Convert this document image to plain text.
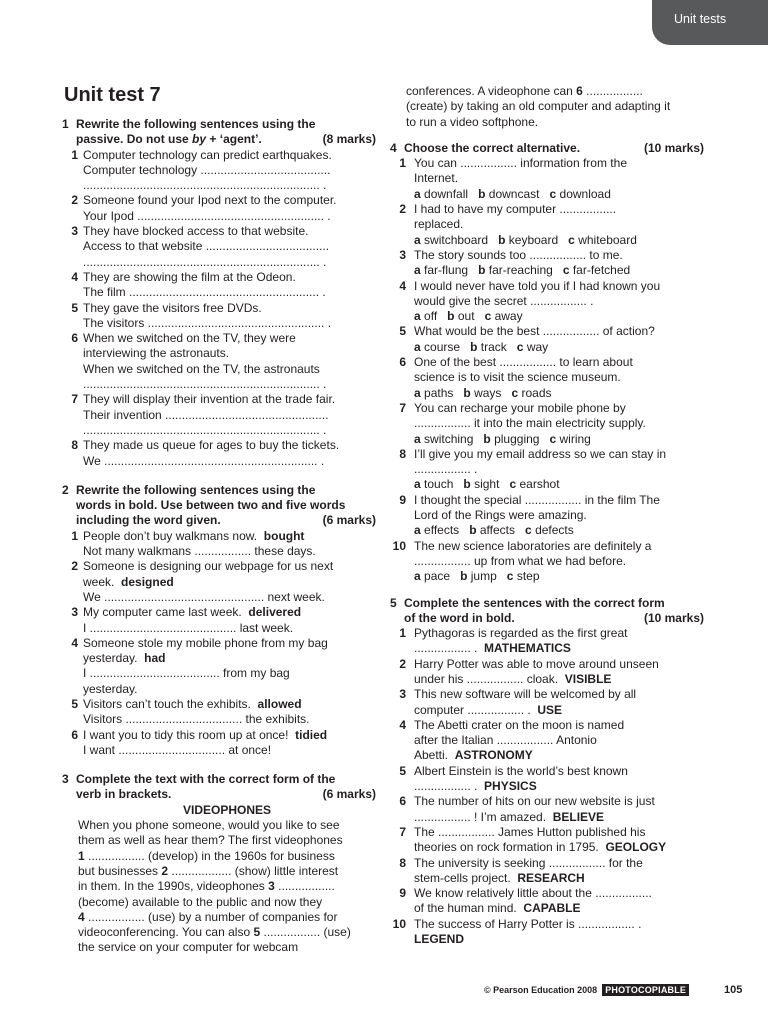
Unit tests
Unit test 7
1 Rewrite the following sentences using the
passive. Do not use by + ‘agent’.	(8 marks)
1 Computer technology can predict earthquakes.
Computer technology .......................................
....................................................................... .
2 Someone found your Ipod next to the computer.
Your Ipod ........................................................ .
3 They have blocked access to that website.
Access to that website .....................................
....................................................................... .
4 They are showing the film at the Odeon.
The film ......................................................... .
5 They gave the visitors free DVDs.
The visitors ..................................................... .
6 When we switched on the TV, they were
interviewing the astronauts.
When we switched on the TV, the astronauts
....................................................................... .
7 They will display their invention at the trade fair.
Their invention .................................................
....................................................................... .
8 They made us queue for ages to buy the tickets.
We ................................................................ .
2 Rewrite the following sentences using the
words in bold. Use between two and five words
including the word given.	(6 marks)
1 People don’t buy walkmans now. bought
Not many walkmans ................. these days.
2 Someone is designing our webpage for us next
week. designed
We ................................................ next week.
3 My computer came last week. delivered
I ............................................ last week.
4 Someone stole my mobile phone from my bag
yesterday. had
I ....................................... from my bag
yesterday.
5 Visitors can’t touch the exhibits. allowed
Visitors ................................... the exhibits.
6 I want you to tidy this room up at once! tidied
I want ................................ at once!
3 Complete the text with the correct form of the
verb in brackets.	(6 marks)
VIDEOPHONES
When you phone someone, would you like to see
them as well as hear them? The first videophones
1 ................. (develop) in the 1960s for business
but businesses 2 .................. (show) little interest
in them. In the 1990s, videophones 3 .................
(become) available to the public and now they
4 ................. (use) by a number of companies for
videoconferencing. You can also 5 ................. (use)
the service on your computer for webcam
conferences. A videophone can 6 .................
(create) by taking an old computer and adapting it
to run a video softphone.
4 Choose the correct alternative.	(10 marks)
1 You can ................. information from the
Internet.
a downfall b downcast c download
2 I had to have my computer .................
replaced.
a switchboard b keyboard c whiteboard
3 The story sounds too ................. to me.
a far-flung b far-reaching c far-fetched
4 I would never have told you if I had known you
would give the secret ................. .
a off b out c away
5 What would be the best ................. of action?
a course b track c way
6 One of the best ................. to learn about
science is to visit the science museum.
a paths b ways c roads
7 You can recharge your mobile phone by
................. it into the main electricity supply.
a switching b plugging c wiring
8 I’ll give you my email address so we can stay in
................. .
a touch b sight c earshot
9 I thought the special ................. in the film The
Lord of the Rings were amazing.
a effects b affects c defects
10 The new science laboratories are definitely a
................. up from what we had before.
a pace b jump c step
5 Complete the sentences with the correct form
of the word in bold.	(10 marks)
1 Pythagoras is regarded as the first great
................. . MATHEMATICS
2 Harry Potter was able to move around unseen
under his ................. cloak. VISIBLE
3 This new software will be welcomed by all
computer ................. . USE
4 The Abetti crater on the moon is named
after the Italian ................. Antonio
Abetti. ASTRONOMY
5 Albert Einstein is the world’s best known
................. . PHYSICS
6 The number of hits on our new website is just
................. ! I’m amazed. BELIEVE
7 The ................. James Hutton published his
theories on rock formation in 1795. GEOLOGY
8 The university is seeking ................. for the
stem-cells project. RESEARCH
9 We know relatively little about the .................
of the human mind. CAPABLE
10 The success of Harry Potter is ................. .
LEGEND
© Pearson Education 2008 PHOTOCOPIABLE	105
